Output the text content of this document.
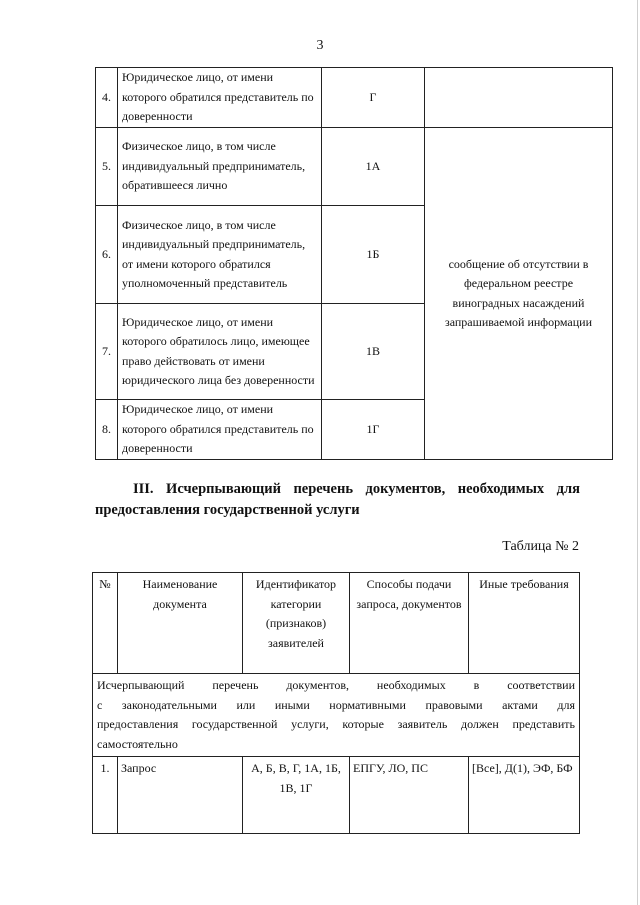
3
4.	Юридическое лицо, от имени которого обратился представитель по доверенности	Г	
5.	Физическое лицо, в том числе индивидуальный предприниматель, обратившееся лично	1А	сообщение об отсутствии в федеральном реестре виноградных насаждений запрашиваемой информации
6.	Физическое лицо, в том числе индивидуальный предприниматель, от имени которого обратился уполномоченный представитель	1Б	
7.	Юридическое лицо, от имени которого обратилось лицо, имеющее право действовать от имени юридического лица без доверенности	1В	
8.	Юридическое лицо, от имени которого обратился представитель по доверенности	1Г	
III. Исчерпывающий перечень документов, необходимых для
предоставления государственной услуги
Таблица № 2
№	Наименование документа	Идентификатор категории (признаков) заявителей	Способы подачи запроса, документов	Иные требования

Исчерпывающий перечень документов, необходимых в соответствии
с законодательными или иными нормативными правовыми актами для
предоставления государственной услуги, которые заявитель должен представить
самостоятельно				

1.	Запрос	А, Б, В, Г, 1А, 1Б, 1В, 1Г	ЕПГУ, ЛО, ПС	[Все], Д(1), ЭФ, БФ
